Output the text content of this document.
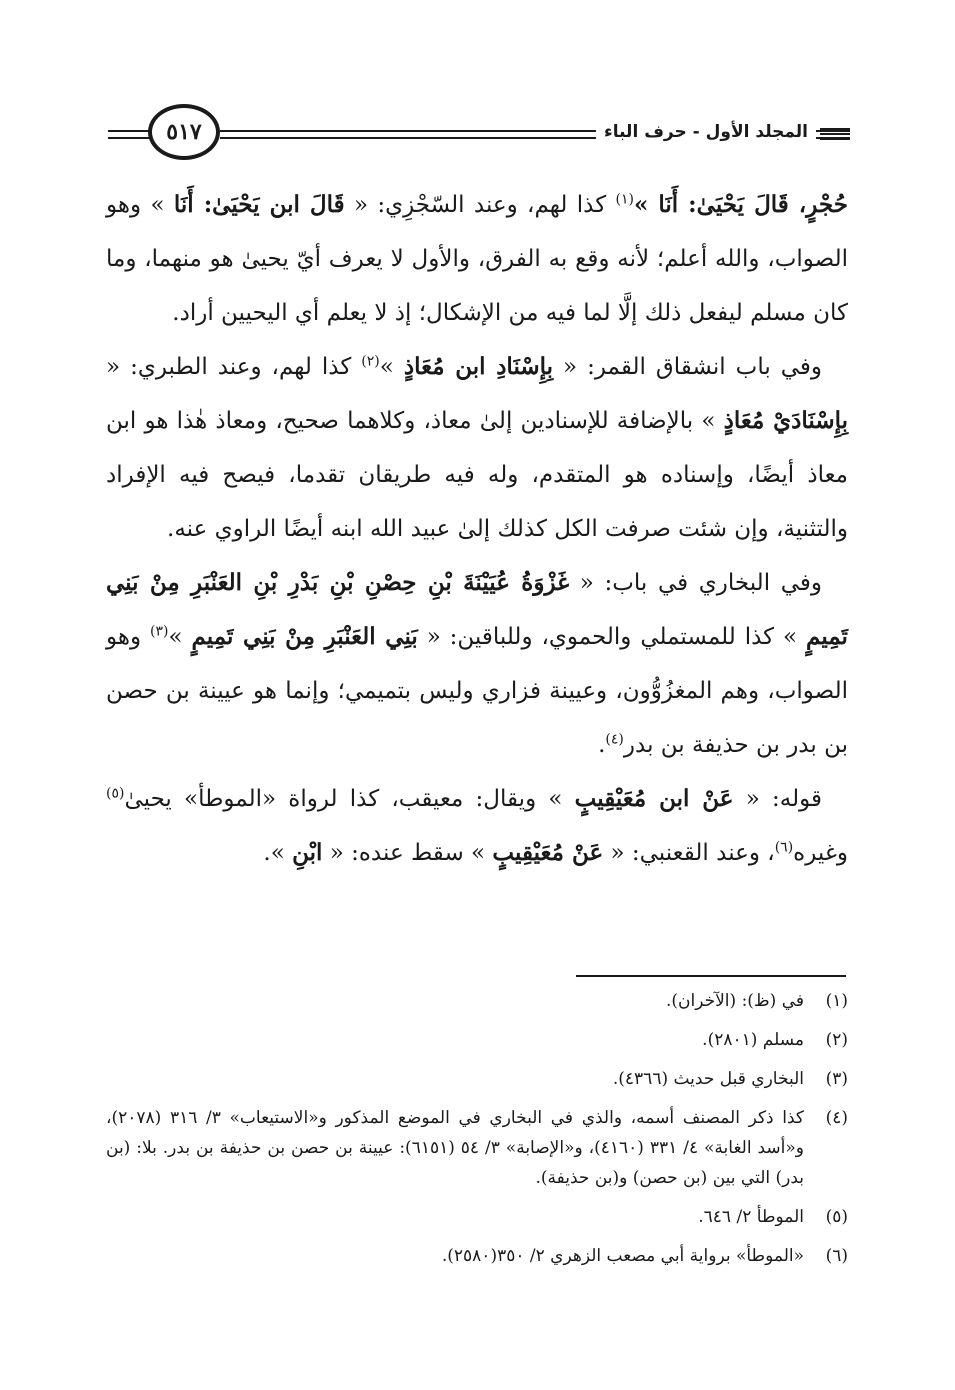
٥١٧	المجلد الأول - حرف الباء

حُجْرٍ، قَالَ يَحْيَىٰ: أَنَا »$^{(١)}$ كذا لهم، وعند السّجْزِي: « قَالَ ابن يَحْيَىٰ: أَنَا » وهو الصواب، والله أعلم؛ لأنه وقع به الفرق، والأول لا يعرف أيّ يحيىٰ هو منهما، وما كان مسلم ليفعل ذلك إلَّا لما فيه من الإشكال؛ إذ لا يعلم أي اليحيين أراد.

وفي باب انشقاق القمر: « بِإِسْنَادِ ابن مُعَاذٍ »$^{(٢)}$ كذا لهم، وعند الطبري: « بِإِسْنَادَيْ مُعَاذٍ » بالإضافة للإسنادين إلىٰ معاذ، وكلاهما صحيح، ومعاذ هٰذا هو ابن معاذ أيضًا، وإسناده هو المتقدم، وله فيه طريقان تقدما، فيصح فيه الإفراد والتثنية، وإن شئت صرفت الكل كذلك إلىٰ عبيد الله ابنه أيضًا الراوي عنه.

وفي البخاري في باب: « غَزْوَةُ عُيَيْنَةَ بْنِ حِصْنِ بْنِ بَدْرِ بْنِ العَنْبَرِ مِنْ بَنِي تَمِيمٍ » كذا للمستملي والحموي، وللباقين: « بَنِي العَنْبَرِ مِنْ بَنِي تَمِيمٍ »$^{(٣)}$ وهو الصواب، وهم المغزُوُّون، وعيينة فزاري وليس بتميمي؛ وإنما هو عيينة بن حصن بن بدر بن حذيفة بن بدر$^{(٤)}$.

قوله: « عَنْ ابن مُعَيْقِيبٍ » ويقال: معيقب، كذا لرواة «الموطأ» يحيىٰ$^{(٥)}$ وغيره$^{(٦)}$، وعند القعنبي: « عَنْ مُعَيْقِيبٍ » سقط عنده: « ابْنِ ».

(١)
في (ظ): (الآخران).
(٢)
مسلم (٢٨٠١).
(٣)
البخاري قبل حديث (٤٣٦٦).
(٤)
كذا ذكر المصنف أسمه، والذي في البخاري في الموضع المذكور و«الاستيعاب» ٣/ ٣١٦ (٢٠٧٨)، و«أسد الغابة» ٤/ ٣٣١ (٤١٦٠)، و«الإصابة» ٣/ ٥٤ (٦١٥١): عيينة بن حصن بن حذيفة بن بدر. بلا: (بن بدر) التي بين (بن حصن) و(بن حذيفة).
(٥)
الموطأ ٢/ ٦٤٦.
(٦)
«الموطأ» برواية أبي مصعب الزهري ٢/ ٣٥٠(٢٥٨٠).
